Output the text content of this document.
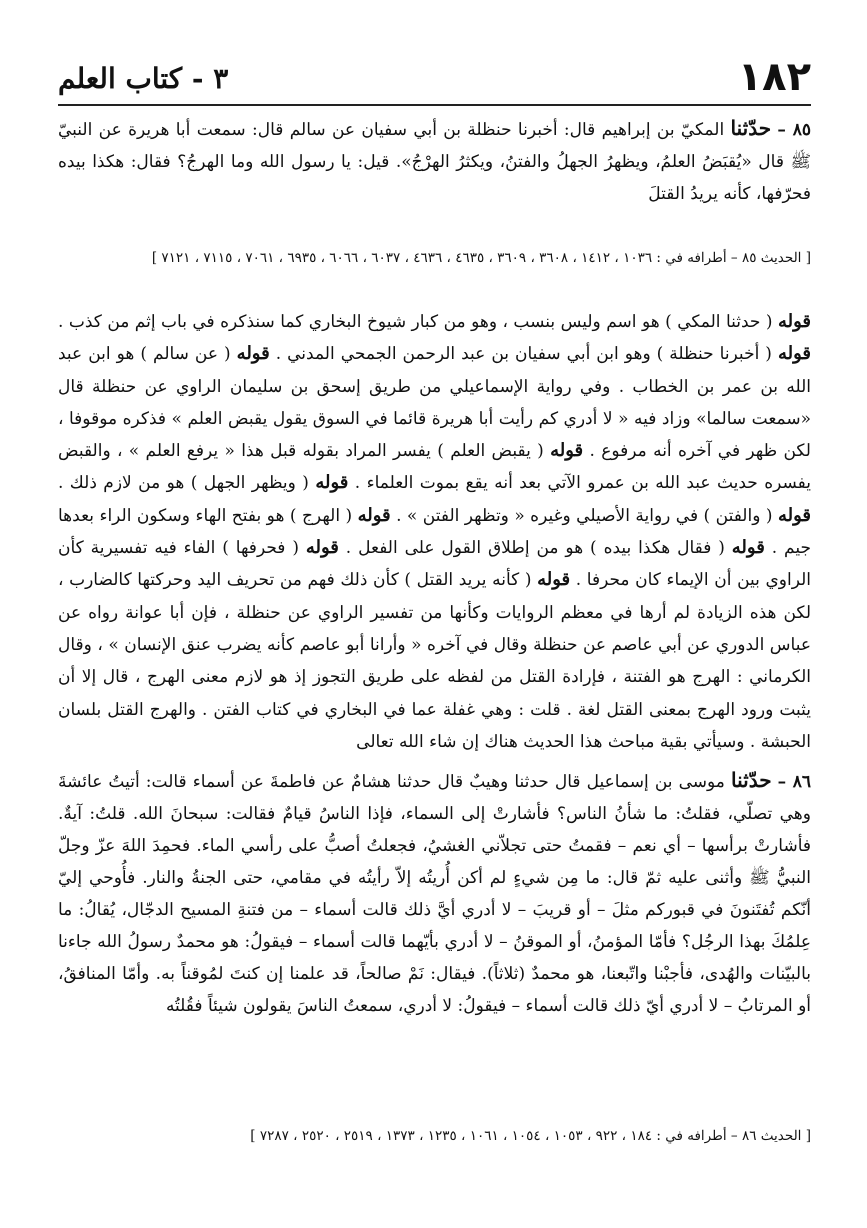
١٨٢
٣ - كتاب العلم

٨٥ – حدّثنا المكيّ بن إبراهيم قال: أخبرنا حنظلة بن أبي سفيان عن سالم قال: سمعت أبا هريرة عن النبيّ ﷺ قال «يُقبَضُ العلمُ، ويظهرُ الجهلُ والفتنُ، ويكثرُ الهرْجُ». قيل: يا رسول الله وما الهرجُ؟ فقال: هكذا بيده فحرّفها، كأنه يريدُ القتلَ

[ الحديث ٨٥ – أطرافه في : ١٠٣٦ ، ١٤١٢ ، ٣٦٠٨ ، ٣٦٠٩ ، ٤٦٣٥ ، ٤٦٣٦ ، ٦٠٣٧ ، ٦٠٦٦ ، ٦٩٣٥ ، ٧٠٦١ ، ٧١١٥ ، ٧١٢١ ]

قوله ( حدثنا المكي ) هو اسم وليس بنسب ، وهو من كبار شيوخ البخاري كما سنذكره في باب إثم من كذب . قوله ( أخبرنا حنظلة ) وهو ابن أبي سفيان بن عبد الرحمن الجمحي المدني . قوله ( عن سالم ) هو ابن عبد الله بن عمر بن الخطاب . وفي رواية الإسماعيلي من طريق إسحق بن سليمان الراوي عن حنظلة قال «سمعت سالما» وزاد فيه « لا أدري كم رأيت أبا هريرة قائما في السوق يقول يقبض العلم » فذكره موقوفا ، لكن ظهر في آخره أنه مرفوع . قوله ( يقبض العلم ) يفسر المراد بقوله قبل هذا « يرفع العلم » ، والقبض يفسره حديث عبد الله بن عمرو الآتي بعد أنه يقع بموت العلماء . قوله ( ويظهر الجهل ) هو من لازم ذلك . قوله ( والفتن ) في رواية الأصيلي وغيره « وتظهر الفتن » . قوله ( الهرج ) هو بفتح الهاء وسكون الراء بعدها جيم . قوله ( فقال هكذا بيده ) هو من إطلاق القول على الفعل . قوله ( فحرفها ) الفاء فيه تفسيرية كأن الراوي بين أن الإيماء كان محرفا . قوله ( كأنه يريد القتل ) كأن ذلك فهم من تحريف اليد وحركتها كالضارب ، لكن هذه الزيادة لم أرها في معظم الروايات وكأنها من تفسير الراوي عن حنظلة ، فإن أبا عوانة رواه عن عباس الدوري عن أبي عاصم عن حنظلة وقال في آخره « وأرانا أبو عاصم كأنه يضرب عنق الإنسان » ، وقال الكرماني : الهرج هو الفتنة ، فإرادة القتل من لفظه على طريق التجوز إذ هو لازم معنى الهرج ، قال إلا أن يثبت ورود الهرج بمعنى القتل لغة . قلت : وهي غفلة عما في البخاري في كتاب الفتن . والهرج القتل بلسان الحبشة . وسيأتي بقية مباحث هذا الحديث هناك إن شاء الله تعالى

٨٦ – حدّثنا موسى بن إسماعيل قال حدثنا وهيبٌ قال حدثنا هشامٌ عن فاطمةَ عن أسماء قالت: أتيتُ عائشةَ وهي تصلّي، فقلتُ: ما شأنُ الناس؟ فأشارتْ إلى السماء، فإذا الناسُ قيامٌ فقالت: سبحانَ الله. قلتُ: آيةٌ. فأشارتْ برأسها – أي نعم – فقمتُ حتى تجلاّني الغشيُ، فجعلتُ أصبُّ على رأسي الماء. فحمِدَ اللهَ عزّ وجلّ النبيُّ ﷺ وأثنى عليه ثمّ قال: ما مِن شيءٍ لم أكن أُريتُه إلاّ رأيتُه في مقامي، حتى الجنةُ والنار. فأُوحي إليّ أنّكم تُفتَنونَ في قبوركم مثلَ – أو قريبَ – لا أدري أيَّ ذلك قالت أسماء – من فتنةِ المسيح الدجّال، يُقالُ: ما عِلمُكَ بهذا الرجُل؟ فأمّا المؤمنُ، أو الموقنُ – لا أدري بأيّهما قالت أسماء – فيقولُ: هو محمدٌ رسولُ الله جاءنا بالبيّنات والهُدى، فأجبْنا واتّبعنا، هو محمدٌ (ثلاثاً). فيقال: نَمْ صالحاً، قد علمنا إن كنتَ لمُوقناً به. وأمّا المنافقُ، أو المرتابُ – لا أدري أيّ ذلك قالت أسماء – فيقولُ: لا أدري، سمعتُ الناسَ يقولون شيئاً فقُلتُه

[ الحديث ٨٦ – أطرافه في : ١٨٤ ، ٩٢٢ ، ١٠٥٣ ، ١٠٥٤ ، ١٠٦١ ، ١٢٣٥ ، ١٣٧٣ ، ٢٥١٩ ، ٢٥٢٠ ، ٧٢٨٧ ]
